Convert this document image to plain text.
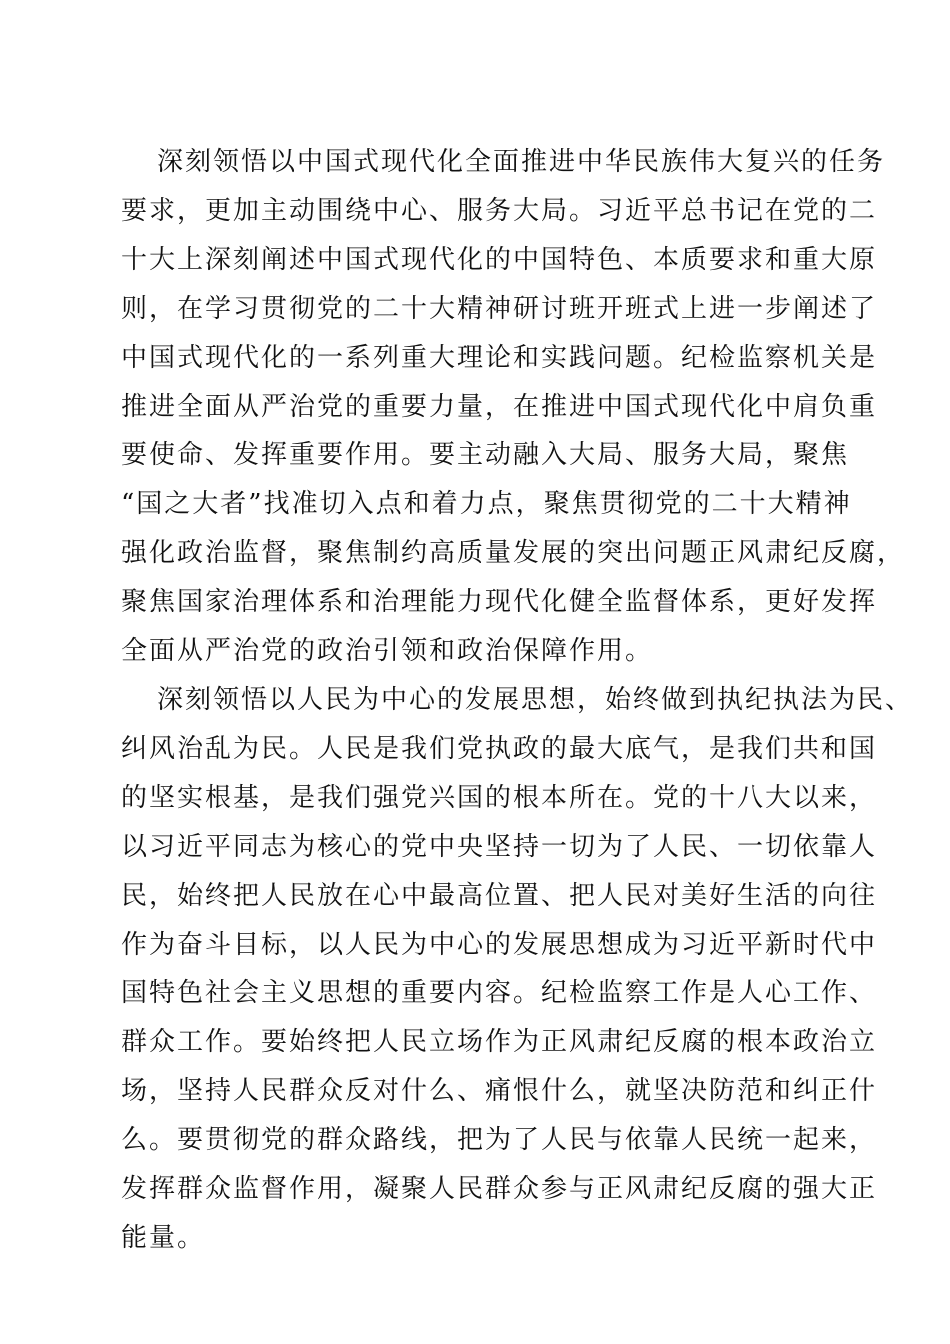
深刻领悟以中国式现代化全面推进中华民族伟大复兴的任务
要求，更加主动围绕中心、服务大局。习近平总书记在党的二
十大上深刻阐述中国式现代化的中国特色、本质要求和重大原
则，在学习贯彻党的二十大精神研讨班开班式上进一步阐述了
中国式现代化的一系列重大理论和实践问题。纪检监察机关是
推进全面从严治党的重要力量，在推进中国式现代化中肩负重
要使命、发挥重要作用。要主动融入大局、服务大局，聚焦
“国之大者”找准切入点和着力点，聚焦贯彻党的二十大精神
强化政治监督，聚焦制约高质量发展的突出问题正风肃纪反腐，
聚焦国家治理体系和治理能力现代化健全监督体系，更好发挥
全面从严治党的政治引领和政治保障作用。

深刻领悟以人民为中心的发展思想，始终做到执纪执法为民、
纠风治乱为民。人民是我们党执政的最大底气，是我们共和国
的坚实根基，是我们强党兴国的根本所在。党的十八大以来，
以习近平同志为核心的党中央坚持一切为了人民、一切依靠人
民，始终把人民放在心中最高位置、把人民对美好生活的向往
作为奋斗目标，以人民为中心的发展思想成为习近平新时代中
国特色社会主义思想的重要内容。纪检监察工作是人心工作、
群众工作。要始终把人民立场作为正风肃纪反腐的根本政治立
场，坚持人民群众反对什么、痛恨什么，就坚决防范和纠正什
么。要贯彻党的群众路线，把为了人民与依靠人民统一起来，
发挥群众监督作用，凝聚人民群众参与正风肃纪反腐的强大正
能量。
